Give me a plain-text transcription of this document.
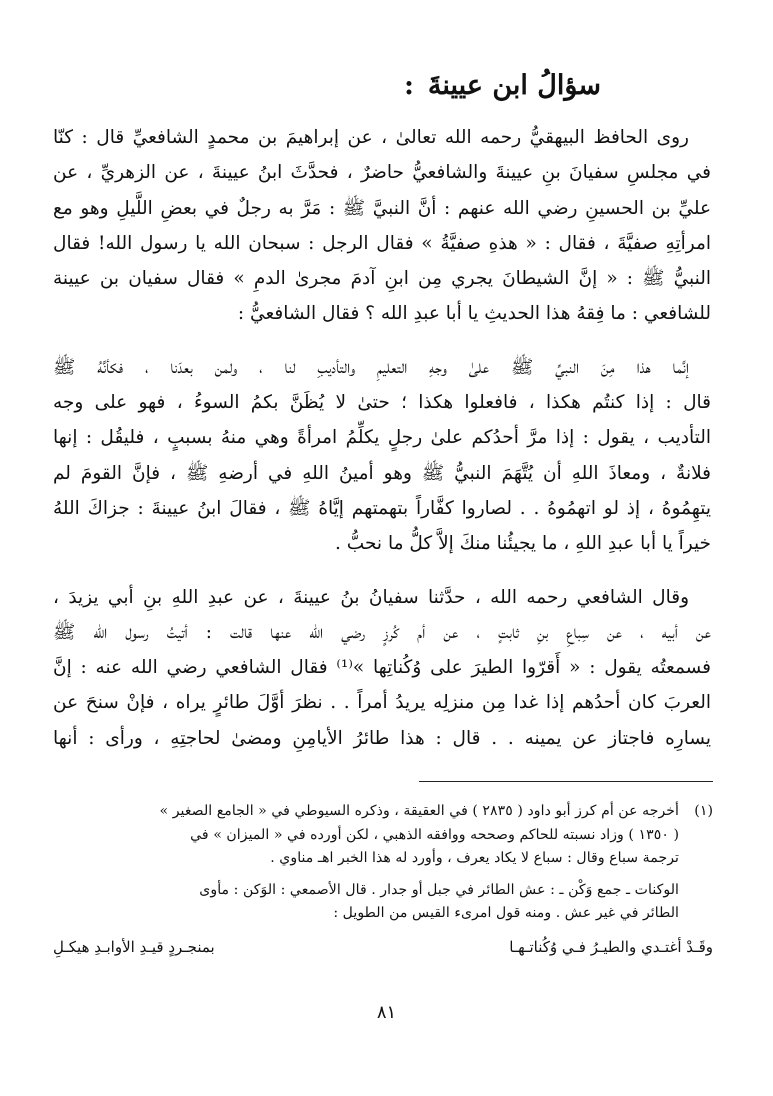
سؤالُ ابن عيينةَ:

روى الحافظ البيهقيُّ رحمه الله تعالىٰ ، عن إبراهيمَ بن محمدٍ الشافعيِّ قال : كنّا
في مجلسِ سفيانَ بنِ عيينةَ والشافعيُّ حاضرٌ ، فحدَّثَ ابنُ عيينةَ ، عن الزهريِّ ، عن
عليِّ بن الحسينِ رضي الله عنهم : أنَّ النبيَّ ﷺ : مَرَّ به رجلٌ في بعضِ اللَّيلِ وهو مع
امرأتِهِ صفيَّةَ ، فقال : « هذهِ صفيَّةُ » فقال الرجل : سبحان الله يا رسول الله! فقال
النبيُّ ﷺ : « إنَّ الشيطانَ يجري مِن ابنِ آدمَ مجرىٰ الدمِ » فقال سفيان بن عيينة
للشافعي : ما فِقهُ هذا الحديثِ يا أبا عبدِ الله ؟ فقال الشافعيُّ :

إنَّما هذا مِنَ النبيِّ ﷺ علىٰ وجهِ التعليمِ والتأديبِ لنا ، ولمن بعدَنا ، فكأنَّهُ ﷺ
قال : إذا كنتُم هكذا ، فافعلوا هكذا ؛ حتىٰ لا يُظَنَّ بكمُ السوءُ ، فهو على وجه
التأديب ، يقول : إذا مرَّ أحدُكم علىٰ رجلٍ يكلِّمُ امرأةً وهي منهُ بسببٍ ، فليقُل : إنها
فلانةٌ ، ومعاذَ اللهِ أن يُتَّهَمَ النبيُّ ﷺ وهو أمينُ اللهِ في أرضهِ ﷺ ، فإنَّ القومَ لم
يتهِمُوهُ ، إذ لو اتهمُوهُ . . لصاروا كفَّاراً بتهمتهم إيَّاهُ ﷺ ، فقالَ ابنُ عيينةَ : جزاكَ اللهُ
خيراً يا أبا عبدِ اللهِ ، ما يجيئُنا منكَ إلاَّ كلُّ ما نحبُّ .

وقال الشافعي رحمه الله ، حدَّثنا سفيانُ بنُ عيينةَ ، عن عبدِ اللهِ بنِ أبي يزيدَ ،
عن أبيه ، عن سِباعِ بنِ ثابتٍ ، عن أم كُرزٍ رضي الله عنها قالت : أتيتُ رسول الله ﷺ
فسمعتُه يقول : « أَقرّوا الطيرَ على وُكُناتِها »⁽¹⁾ فقال الشافعي رضي الله عنه : إنَّ
العربَ كان أحدُهم إذا غدا مِن منزلِه يريدُ أمراً . . نظرَ أوَّلَ طائرٍ يراه ، فإنْ سنحَ عن
يسارِه فاجتاز عن يمينه . . قال : هذا طائرُ الأيامِنِ ومضىٰ لحاجتِهِ ، ورأى : أنها

(١)
أخرجه عن أم كرز أبو داود ( ٢٨٣٥ ) في العقيقة ، وذكره السيوطي في « الجامع الصغير »
( ١٣٥٠ ) وزاد نسبته للحاكم وصححه ووافقه الذهبي ، لكن أورده في « الميزان » في
ترجمة سباع وقال : سباع لا يكاد يعرف ، وأورد له هذا الخبر اهـ مناوي .
الوكنات ـ جمع وَكْن ـ : عش الطائر في جبل أو جدار . قال الأصمعي : الوَكن : مأوى
الطائر في غير عش . ومنه قول امرىء القيس من الطويل :
وقَـدْ أغتـدي والطيـرُ فـي وُكُناتـهـا
بمنجـردٍ قيـدِ الأوابـدِ هيكـلِ
٨١
